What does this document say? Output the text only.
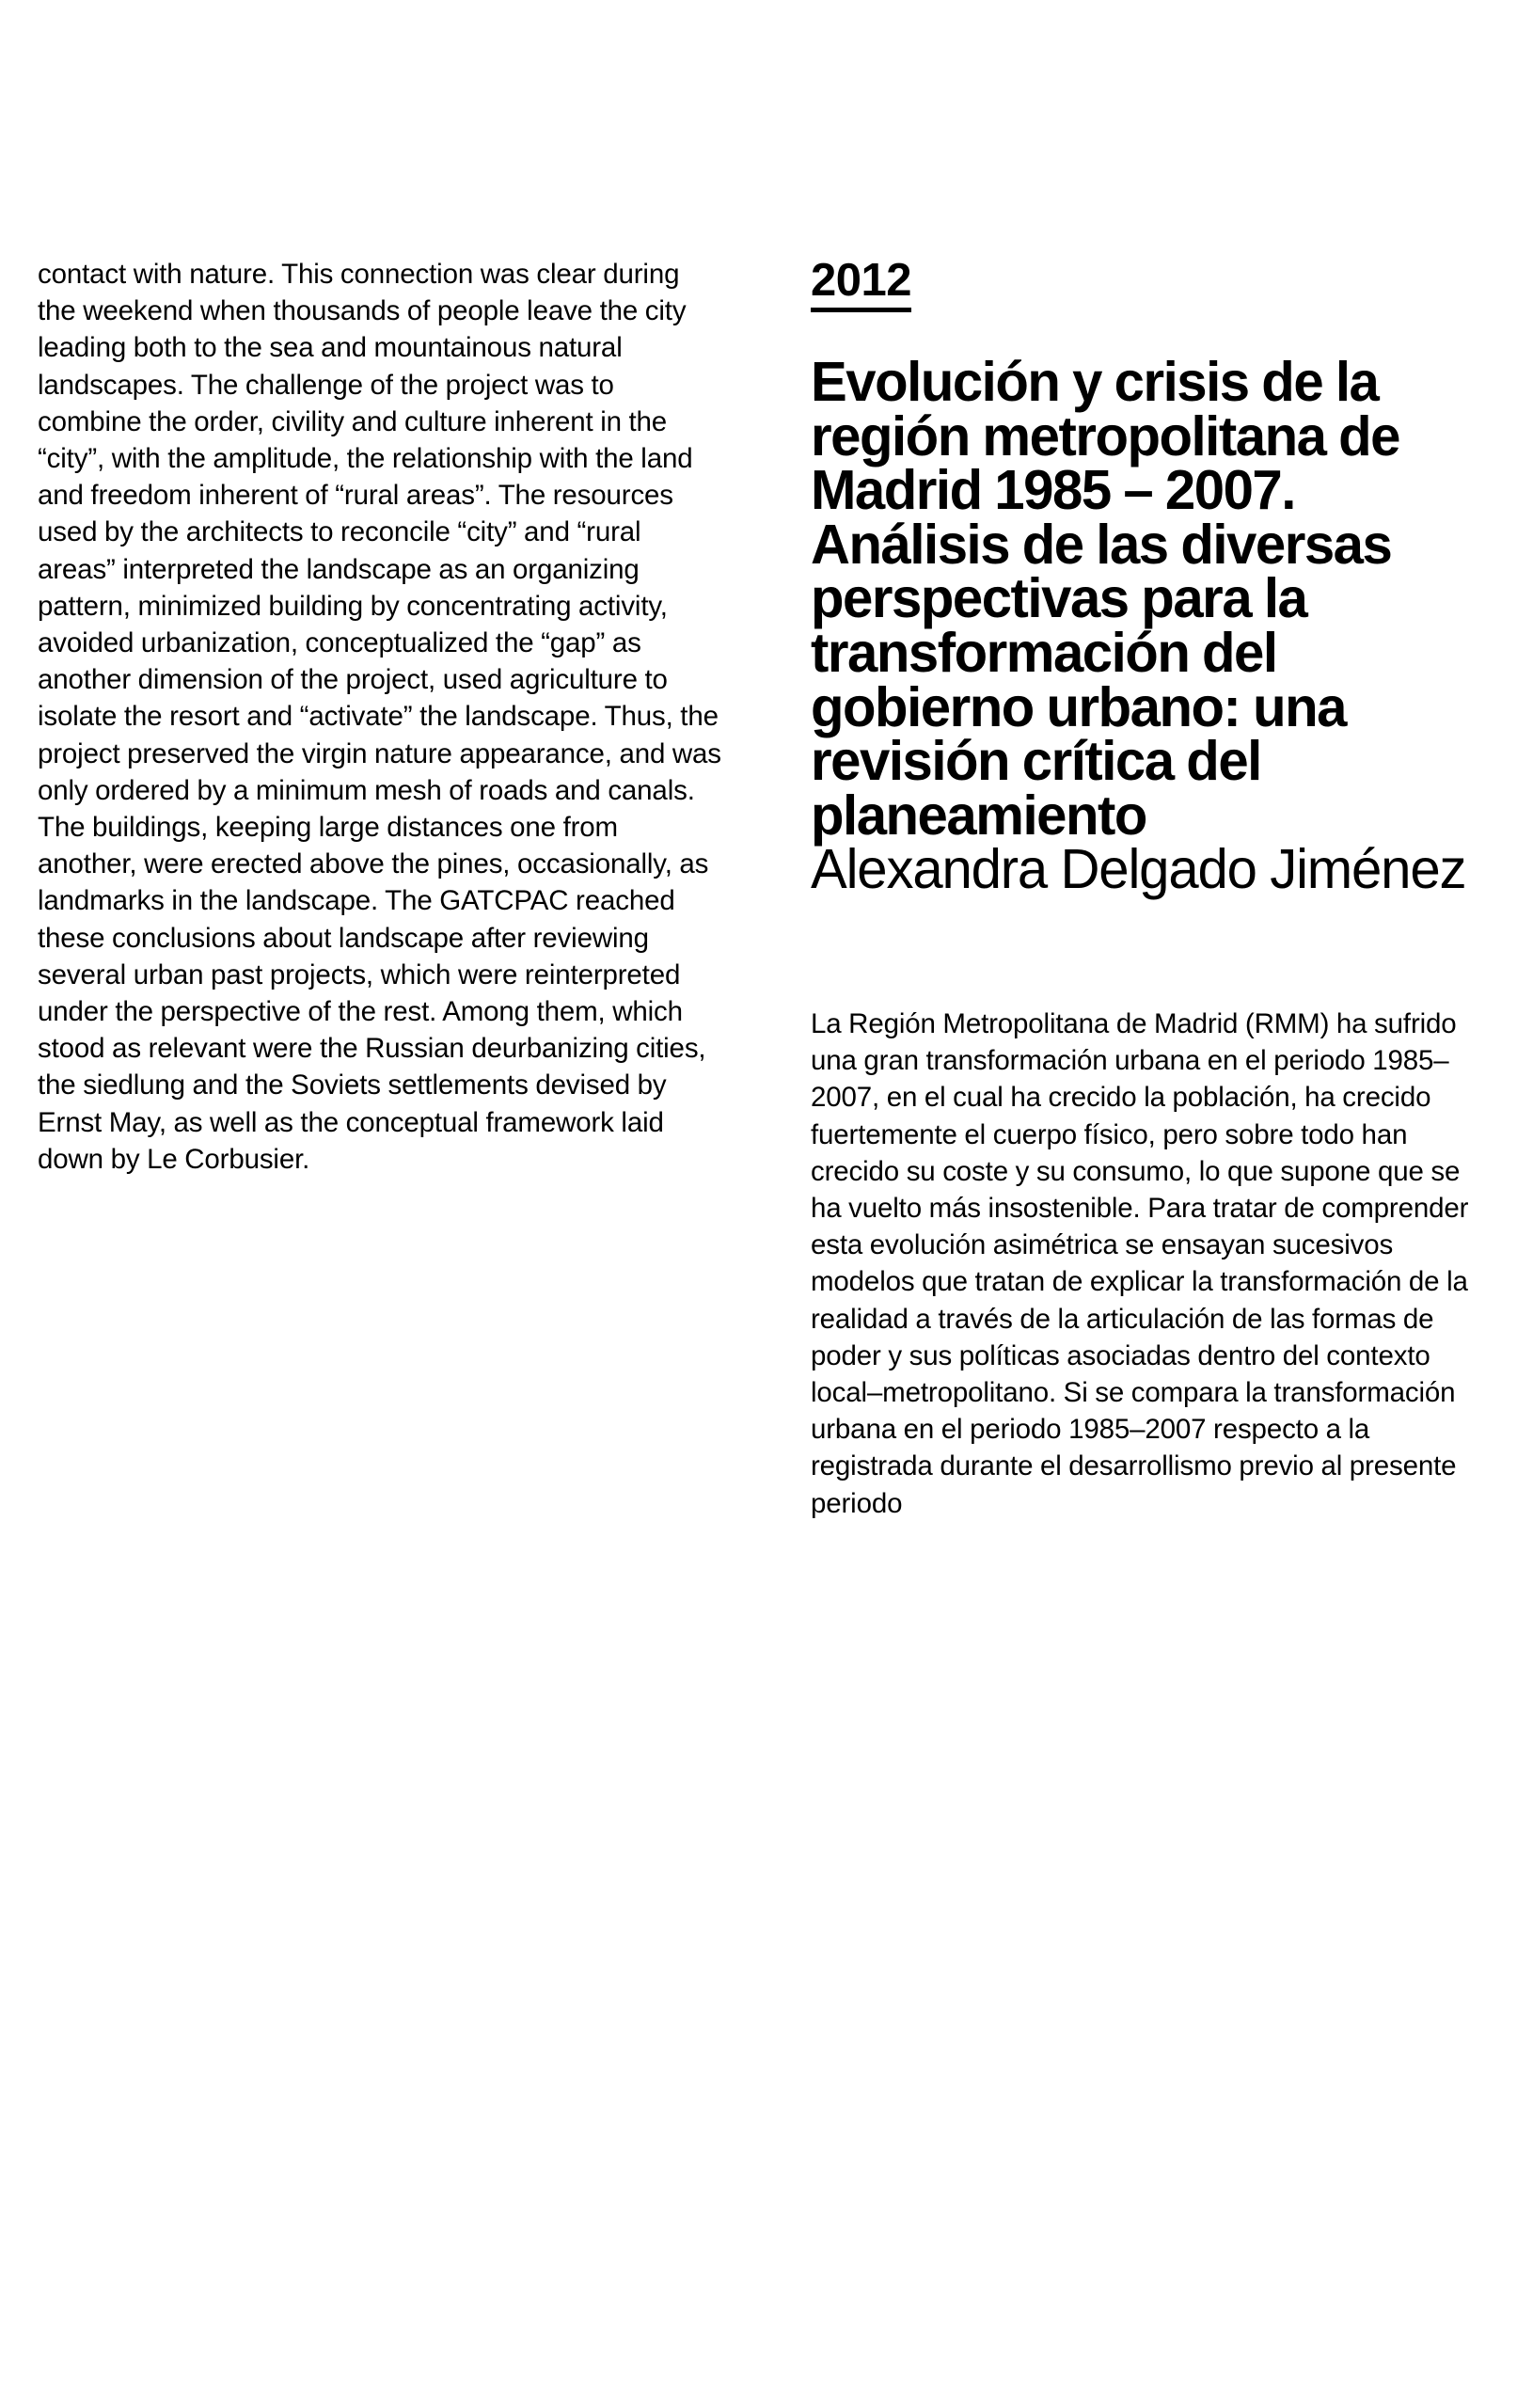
contact with nature. This connection was clear during the weekend when thousands of people leave the city leading both to the sea and mountainous natural landscapes. The challenge of the project was to combine the order, civility and culture inherent in the “city”, with the amplitude, the relationship with the land and freedom inherent of “rural areas”. The resources used by the architects to reconcile “city” and “rural areas” interpreted the landscape as an organizing pattern, minimized building by concentrating activity, avoided urbanization, conceptualized the “gap” as another dimension of the project, used agriculture to isolate the resort and “activate” the landscape. Thus, the project preserved the virgin nature appearance, and was only ordered by a minimum mesh of roads and canals. The buildings, keeping large distances one from another, were erected above the pines, occasionally, as landmarks in the landscape. The GATCPAC reached these conclusions about landscape after reviewing several urban past projects, which were reinterpreted under the perspective of the rest. Among them, which stood as relevant were the Russian deurbanizing cities, the siedlung and the Soviets settlements devised by Ernst May, as well as the conceptual framework laid down by Le Corbusier.

2012
Evolución y crisis de la región metropolitana de Madrid 1985 – 2007. Análisis de las diversas perspectivas para la transformación del gobierno urbano: una revisión crítica del planeamiento
Alexandra Delgado Jiménez

La Región Metropolitana de Madrid (RMM) ha sufrido una gran transformación urbana en el periodo 1985–2007, en el cual ha crecido la población, ha crecido fuertemente el cuerpo físico, pero sobre todo han crecido su coste y su consumo, lo que supone que se ha vuelto más insostenible. Para tratar de comprender esta evolución asimétrica se ensayan sucesivos modelos que tratan de explicar la transformación de la realidad a través de la articulación de las formas de poder y sus políticas asociadas dentro del contexto local–metropolitano. Si se compara la transformación urbana en el periodo 1985–2007 respecto a la registrada durante el desarrollismo previo al presente periodo
